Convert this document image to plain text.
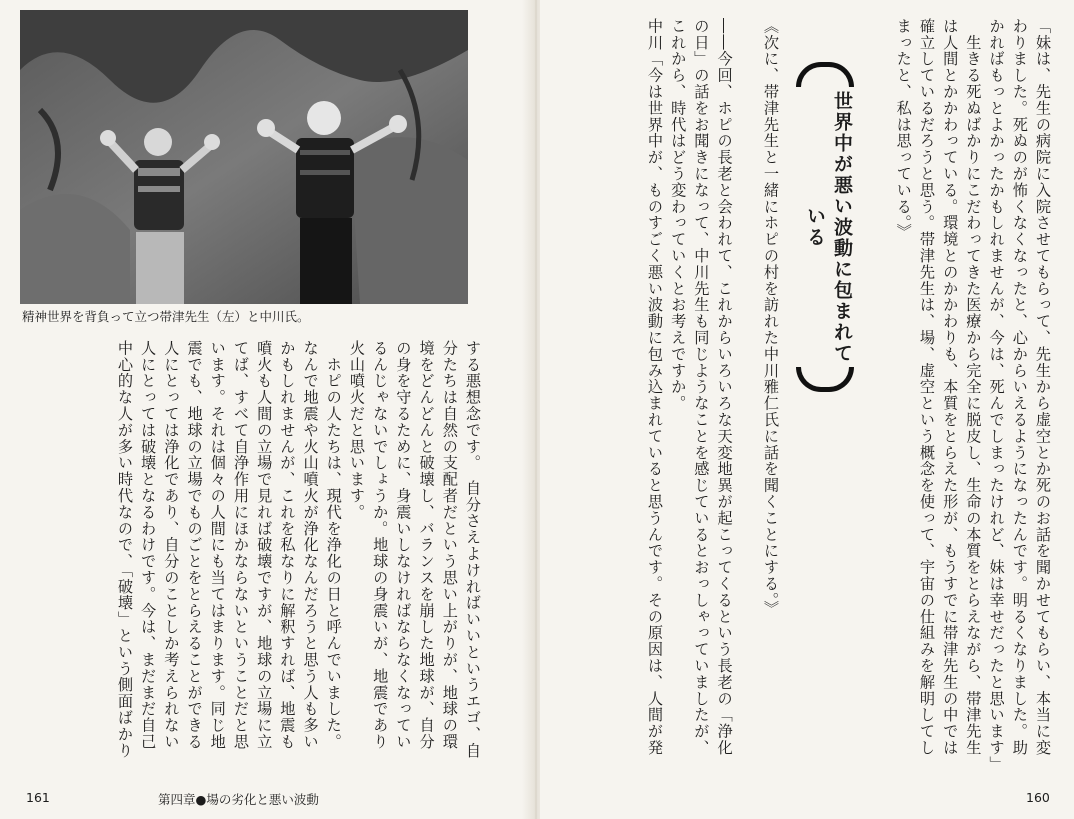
精神世界を背負って立つ帯津先生（左）と中川氏。
する悪想念です。　自分さえよければいいというエゴ、自
分たちは自然の支配者だという思い上がりが、地球の環
境をどんどんと破壊し、バランスを崩した地球が、自分
の身を守るために、身震いしなければならなくなってい
るんじゃないでしょうか。地球の身震いが、地震であり
火山噴火だと思います。
　ホピの人たちは、現代を浄化の日と呼んでいました。
なんで地震や火山噴火が浄化なんだろうと思う人も多い
かもしれませんが、これを私なりに解釈すれば、地震も
噴火も人間の立場で見れば破壊ですが、地球の立場に立
てば、すべて自浄作用にほかならないということだと思
います。それは個々の人間にも当てはまります。同じ地
震でも、地球の立場でものごとをとらえることができる
人にとっては浄化であり、自分のことしか考えられない
人にとっては破壊となるわけです。今は、まだまだ自己
中心的な人が多い時代なので、「破壊」という側面ばかり
161	第四章●場の劣化と悪い波動
「妹は、先生の病院に入院させてもらって、先生から虚空とか死のお話を聞かせてもらい、本当に変
わりました。死ぬのが怖くなくなったと、心からいえるようになったんです。明るくなりました。助
かればもっとよかったかもしれませんが、今は、死んでしまったけれど、妹は幸せだったと思います」
　生きる死ぬばかりにこだわってきた医療から完全に脱皮し、生命の本質をとらえながら、帯津先生
は人間とかかわっている。環境とのかかわりも、本質をとらえた形が、もうすでに帯津先生の中では
確立しているだろうと思う。帯津先生は、場、虚空という概念を使って、宇宙の仕組みを解明してし
まったと、私は思っている。》
世界中が悪い波動に包まれている
《次に、帯津先生と一緒にホピの村を訪れた中川雅仁氏に話を聞くことにする。》

――今回、ホピの長老と会われて、これからいろいろな天変地異が起こってくるという長老の「浄化
の日」の話をお聞きになって、中川先生も同じようなことを感じているとおっしゃっていましたが、
これから、時代はどう変わっていくとお考えですか。
中川「今は世界中が、ものすごく悪い波動に包み込まれていると思うんです。その原因は、人間が発
160
